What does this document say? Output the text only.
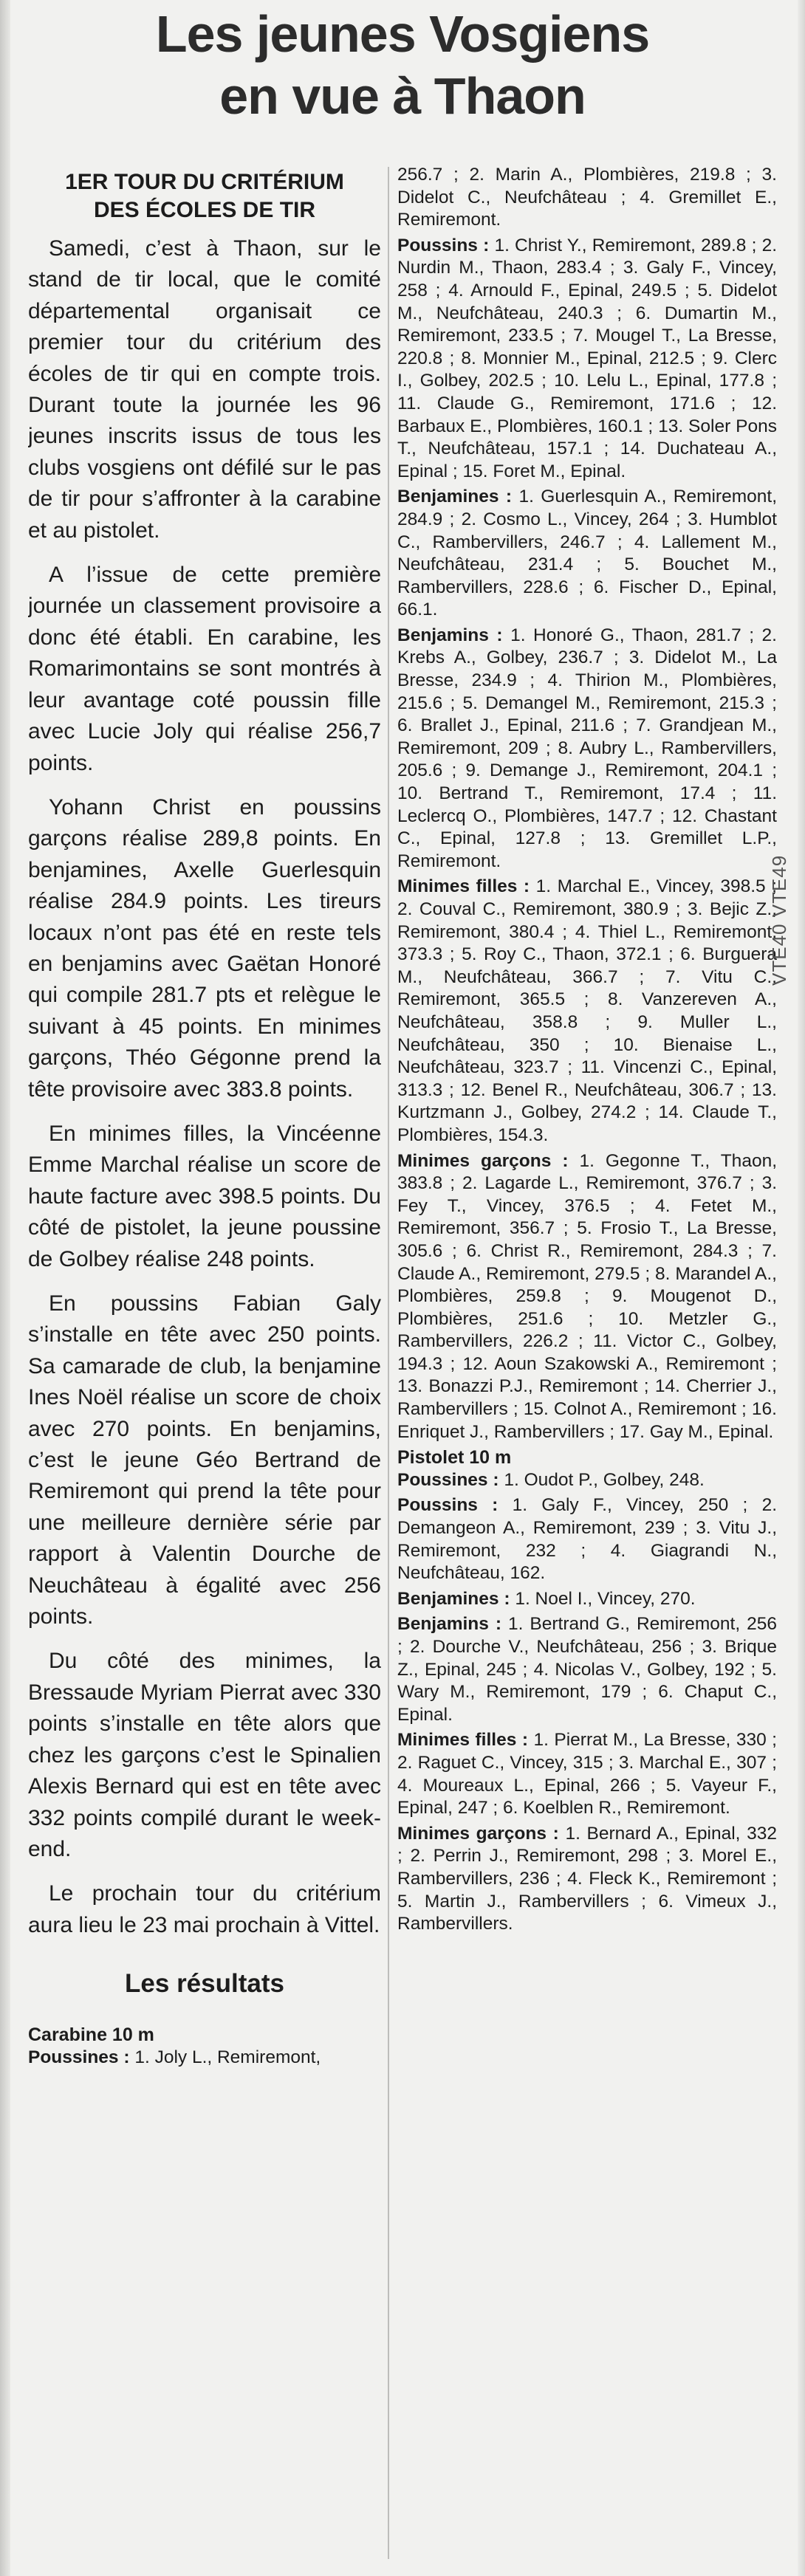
Les jeunes Vosgiens
en vue à Thaon
1ER TOUR DU CRITÉRIUM
DES ÉCOLES DE TIR

Samedi, c’est à Thaon, sur le stand de tir local, que le comité départemental organisait ce premier tour du critérium des écoles de tir qui en compte trois. Durant toute la journée les 96 jeunes inscrits issus de tous les clubs vosgiens ont défilé sur le pas de tir pour s’affronter à la carabine et au pistolet.

A l’issue de cette première journée un classement provisoire a donc été établi. En carabine, les Romarimontains se sont montrés à leur avantage coté poussin fille avec Lucie Joly qui réalise 256,7 points.

Yohann Christ en poussins garçons réalise 289,8 points. En benjamines, Axelle Guerlesquin réalise 284.9 points. Les tireurs locaux n’ont pas été en reste tels en benjamins avec Gaëtan Honoré qui compile 281.7 pts et relègue le suivant à 45 points. En minimes garçons, Théo Gégonne prend la tête provisoire avec 383.8 points.

En minimes filles, la Vincéenne Emme Marchal réalise un score de haute facture avec 398.5 points. Du côté de pistolet, la jeune poussine de Golbey réalise 248 points.

En poussins Fabian Galy s’installe en tête avec 250 points. Sa camarade de club, la benjamine Ines Noël réalise un score de choix avec 270 points. En benjamins, c’est le jeune Géo Bertrand de Remiremont qui prend la tête pour une meilleure dernière série par rapport à Valentin Dourche de Neuchâteau à égalité avec 256 points.

Du côté des minimes, la Bressaude Myriam Pierrat avec 330 points s’installe en tête alors que chez les garçons c’est le Spinalien Alexis Bernard qui est en tête avec 332 points compilé durant le week-end.

Le prochain tour du critérium aura lieu le 23 mai prochain à Vittel.

Les résultats
Carabine 10 m
Poussines : 1. Joly L., Remiremont,
256.7 ; 2. Marin A., Plombières, 219.8 ; 3. Didelot C., Neufchâteau ; 4. Gremillet E., Remiremont.
Poussins : 1. Christ Y., Remiremont, 289.8 ; 2. Nurdin M., Thaon, 283.4 ; 3. Galy F., Vincey, 258 ; 4. Arnould F., Epinal, 249.5 ; 5. Didelot M., Neufchâteau, 240.3 ; 6. Dumartin M., Remiremont, 233.5 ; 7. Mougel T., La Bresse, 220.8 ; 8. Monnier M., Epinal, 212.5 ; 9. Clerc I., Golbey, 202.5 ; 10. Lelu L., Epinal, 177.8 ; 11. Claude G., Remiremont, 171.6 ; 12. Barbaux E., Plombières, 160.1 ; 13. Soler Pons T., Neufchâteau, 157.1 ; 14. Duchateau A., Epinal ; 15. Foret M., Epinal.
Benjamines : 1. Guerlesquin A., Remiremont, 284.9 ; 2. Cosmo L., Vincey, 264 ; 3. Humblot C., Rambervillers, 246.7 ; 4. Lallement M., Neufchâteau, 231.4 ; 5. Bouchet M., Rambervillers, 228.6 ; 6. Fischer D., Epinal, 66.1.
Benjamins : 1. Honoré G., Thaon, 281.7 ; 2. Krebs A., Golbey, 236.7 ; 3. Didelot M., La Bresse, 234.9 ; 4. Thirion M., Plombières, 215.6 ; 5. Demangel M., Remiremont, 215.3 ; 6. Brallet J., Epinal, 211.6 ; 7. Grandjean M., Remiremont, 209 ; 8. Aubry L., Rambervillers, 205.6 ; 9. Demange J., Remiremont, 204.1 ; 10. Bertrand T., Remiremont, 17.4 ; 11. Leclercq O., Plombières, 147.7 ; 12. Chastant C., Epinal, 127.8 ; 13. Gremillet L.P., Remiremont.
Minimes filles : 1. Marchal E., Vincey, 398.5 ; 2. Couval C., Remiremont, 380.9 ; 3. Bejic Z., Remiremont, 380.4 ; 4. Thiel L., Remiremont, 373.3 ; 5. Roy C., Thaon, 372.1 ; 6. Burguera M., Neufchâteau, 366.7 ; 7. Vitu C., Remiremont, 365.5 ; 8. Vanzereven A., Neufchâteau, 358.8 ; 9. Muller L., Neufchâteau, 350 ; 10. Bienaise L., Neufchâteau, 323.7 ; 11. Vincenzi C., Epinal, 313.3 ; 12. Benel R., Neufchâteau, 306.7 ; 13. Kurtzmann J., Golbey, 274.2 ; 14. Claude T., Plombières, 154.3.
Minimes garçons : 1. Gegonne T., Thaon, 383.8 ; 2. Lagarde L., Remiremont, 376.7 ; 3. Fey T., Vincey, 376.5 ; 4. Fetet M., Remiremont, 356.7 ; 5. Frosio T., La Bresse, 305.6 ; 6. Christ R., Remiremont, 284.3 ; 7. Claude A., Remiremont, 279.5 ; 8. Marandel A., Plombières, 259.8 ; 9. Mougenot D., Plombières, 251.6 ; 10. Metzler G., Rambervillers, 226.2 ; 11. Victor C., Golbey, 194.3 ; 12. Aoun Szakowski A., Remiremont ; 13. Bonazzi P.J., Remiremont ; 14. Cherrier J., Rambervillers ; 15. Colnot A., Remiremont ; 16. Enriquet J., Rambervillers ; 17. Gay M., Epinal.
Pistolet 10 m
Poussines : 1. Oudot P., Golbey, 248.
Poussins : 1. Galy F., Vincey, 250 ; 2. Demangeon A., Remiremont, 239 ; 3. Vitu J., Remiremont, 232 ; 4. Giagrandi N., Neufchâteau, 162.
Benjamines : 1. Noel I., Vincey, 270.
Benjamins : 1. Bertrand G., Remiremont, 256 ; 2. Dourche V., Neufchâteau, 256 ; 3. Brique Z., Epinal, 245 ; 4. Nicolas V., Golbey, 192 ; 5. Wary M., Remiremont, 179 ; 6. Chaput C., Epinal.
Minimes filles : 1. Pierrat M., La Bresse, 330 ; 2. Raguet C., Vincey, 315 ; 3. Marchal E., 307 ; 4. Moureaux L., Epinal, 266 ; 5. Vayeur F., Epinal, 247 ; 6. Koelblen R., Remiremont.
Minimes garçons : 1. Bernard A., Epinal, 332 ; 2. Perrin J., Remiremont, 298 ; 3. Morel E., Rambervillers, 236 ; 4. Fleck K., Remiremont ; 5. Martin J., Rambervillers ; 6. Vimeux J., Rambervillers.
VTE40 VTE49
